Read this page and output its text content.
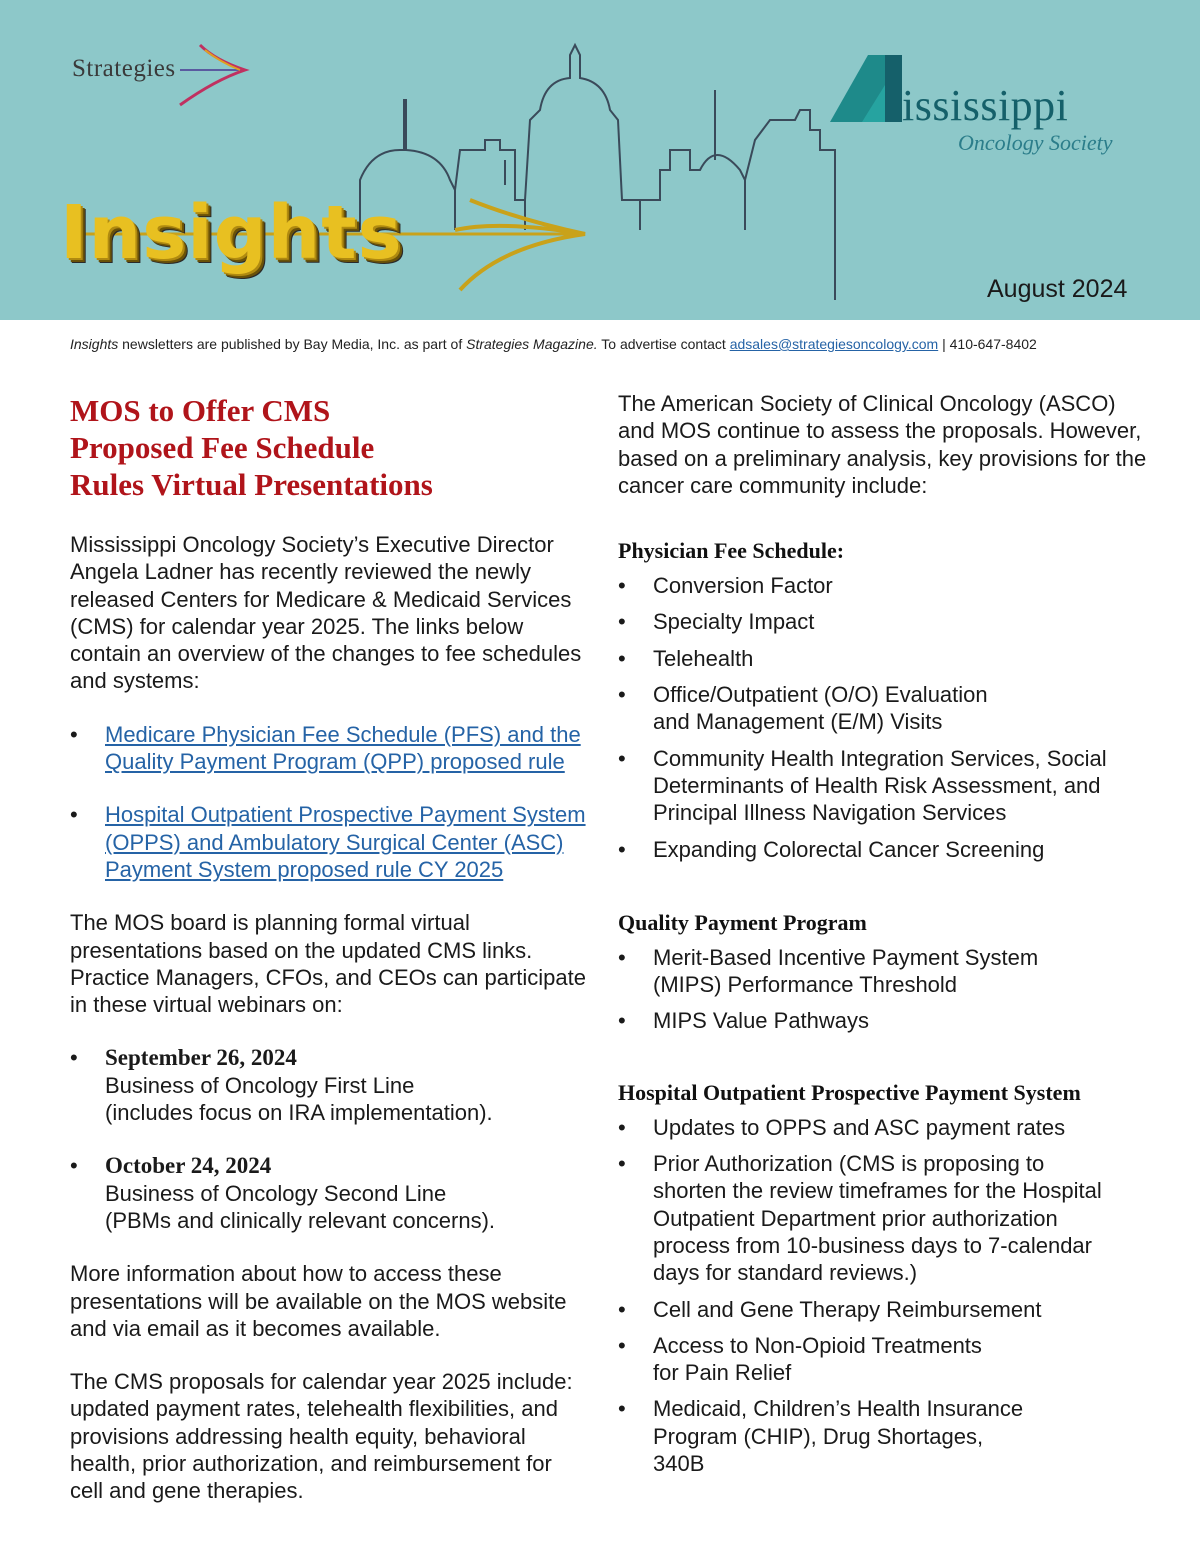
Strategies
Insights
ississippi
Oncology Society
August 2024
Insights newsletters are published by Bay Media, Inc. as part of Strategies Magazine. To advertise contact adsales@strategiesoncology.com | 410-647-8402
MOS to Offer CMS
Proposed Fee Schedule
Rules Virtual Presentations

Mississippi Oncology Society’s Executive Director Angela Ladner has recently reviewed the newly released Centers for Medicare & Medicaid Services (CMS) for calendar year 2025. The links below contain an overview of the changes to fee schedules and systems:

• Medicare Physician Fee Schedule (PFS) and the Quality Payment Program (QPP) proposed rule
• Hospital Outpatient Prospective Payment System (OPPS) and Ambulatory Surgical Center (ASC) Payment System proposed rule CY 2025

The MOS board is planning formal virtual presentations based on the updated CMS links. Practice Managers, CFOs, and CEOs can participate in these virtual webinars on:

• September 26, 2024
Business of Oncology First Line
(includes focus on IRA implementation).
• October 24, 2024
Business of Oncology Second Line
(PBMs and clinically relevant concerns).

More information about how to access these presentations will be available on the MOS website and via email as it becomes available.

The CMS proposals for calendar year 2025 include: updated payment rates, telehealth flexibilities, and provisions addressing health equity, behavioral health, prior authorization, and reimbursement for cell and gene therapies.

The American Society of Clinical Oncology (ASCO) and MOS continue to assess the proposals. However, based on a preliminary analysis, key provisions for the cancer care community include:

Physician Fee Schedule:
• Conversion Factor
• Specialty Impact
• Telehealth
• Office/Outpatient (O/O) Evaluation and Management (E/M) Visits
• Community Health Integration Services, Social Determinants of Health Risk Assessment, and Principal Illness Navigation Services
• Expanding Colorectal Cancer Screening
Quality Payment Program
• Merit-Based Incentive Payment System (MIPS) Performance Threshold
• MIPS Value Pathways
Hospital Outpatient Prospective Payment System
• Updates to OPPS and ASC payment rates
• Prior Authorization (CMS is proposing to shorten the review timeframes for the Hospital Outpatient Department prior authorization process from 10-business days to 7-calendar days for standard reviews.)
• Cell and Gene Therapy Reimbursement
• Access to Non-Opioid Treatments for Pain Relief
• Medicaid, Children’s Health Insurance Program (CHIP), Drug Shortages, 340B
